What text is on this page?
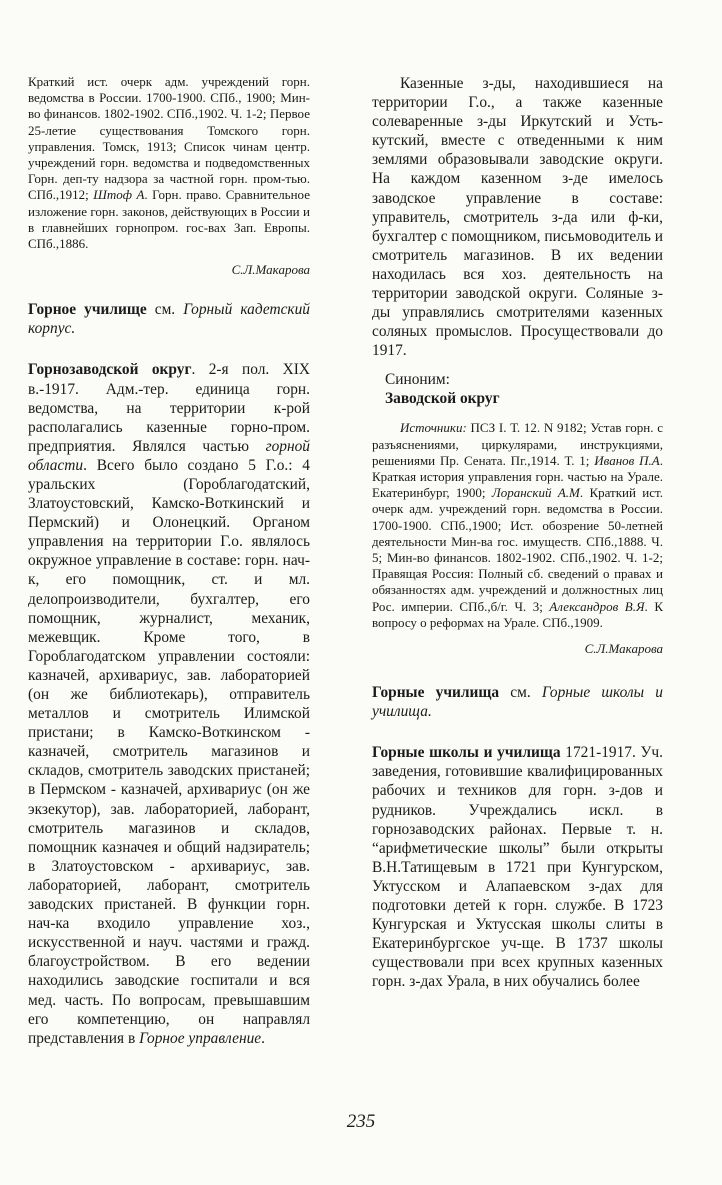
Краткий ист. очерк адм. учреждений горн. ведомства в России. 1700-1900. СПб., 1900; Мин-во финансов. 1802-1902. СПб.,1902. Ч. 1-2; Первое 25-летие существования Томского горн. управления. Томск, 1913; Список чинам центр. учреждений горн. ведомства и подведомственных Горн. деп-ту надзора за частной горн. пром-тью. СПб.,1912; Штоф А. Горн. право. Сравнительное изложение горн. законов, действующих в России и в главнейших горнопром. гос-вах Зап. Европы. СПб.,1886.

С.Л.Макарова

Горное училище см. Горный кадетский корпус.

Горнозаводской округ. 2-я пол. XIX в.-1917. Адм.-тер. единица горн. ведомства, на территории к-рой располагались казенные горно-пром. предприятия. Являлся частью горной области. Всего было создано 5 Г.о.: 4 уральских (Гороблагодатский, Златоустовский, Камско-Воткинский и Пермский) и Олонецкий. Органом управления на территории Г.о. являлось окружное управление в составе: горн. нач-к, его помощник, ст. и мл. делопроизводители, бухгалтер, его помощник, журналист, механик, межевщик. Кроме того, в Гороблагодатском управлении состояли: казначей, архивариус, зав. лабораторией (он же библиотекарь), отправитель металлов и смотритель Илимской пристани; в Камско-Воткинском - казначей, смотритель магазинов и складов, смотритель заводских пристаней; в Пермском - казначей, архивариус (он же экзекутор), зав. лабораторией, лаборант, смотритель магазинов и складов, помощник казначея и общий надзиратель; в Златоустовском - архивариус, зав. лабораторией, лаборант, смотритель заводских пристаней. В функции горн. нач-ка входило управление хоз., искусственной и науч. частями и гражд. благоустройством. В его ведении находились заводские госпитали и вся мед. часть. По вопросам, превышавшим его компетенцию, он направлял представления в Горное управление.

Казенные з-ды, находившиеся на территории Г.о., а также казенные солеваренные з-ды Иркутский и Усть-кутский, вместе с отведенными к ним землями образовывали заводские округи. На каждом казенном з-де имелось заводское управление в составе: управитель, смотритель з-да или ф-ки, бухгалтер с помощником, письмоводитель и смотритель магазинов. В их ведении находилась вся хоз. деятельность на территории заводской округи. Соляные з-ды управлялись смотрителями казенных соляных промыслов. Просуществовали до 1917.

Синоним:
Заводской округ

Источники: ПСЗ I. Т. 12. N 9182; Устав горн. с разъяснениями, циркулярами, инструкциями, решениями Пр. Сената. Пг.,1914. Т. 1; Иванов П.А. Краткая история управления горн. частью на Урале. Екатеринбург, 1900; Лоранский А.М. Краткий ист. очерк адм. учреждений горн. ведомства в России. 1700-1900. СПб.,1900; Ист. обозрение 50-летней деятельности Мин-ва гос. имуществ. СПб.,1888. Ч. 5; Мин-во финансов. 1802-1902. СПб.,1902. Ч. 1-2; Правящая Россия: Полный сб. сведений о правах и обязанностях адм. учреждений и должностных лиц Рос. империи. СПб.,б/г. Ч. 3; Александров В.Я. К вопросу о реформах на Урале. СПб.,1909.

С.Л.Макарова

Горные училища см. Горные школы и училища.

Горные школы и училища 1721-1917. Уч. заведения, готовившие квалифицированных рабочих и техников для горн. з-дов и рудников. Учреждались искл. в горнозаводских районах. Первые т. н. “арифметические школы” были открыты В.Н.Татищевым в 1721 при Кунгурском, Уктусском и Алапаевском з-дах для подготовки детей к горн. службе. В 1723 Кунгурская и Уктусская школы слиты в Екатеринбургское уч-ще. В 1737 школы существовали при всех крупных казенных горн. з-дах Урала, в них обучались более

235
